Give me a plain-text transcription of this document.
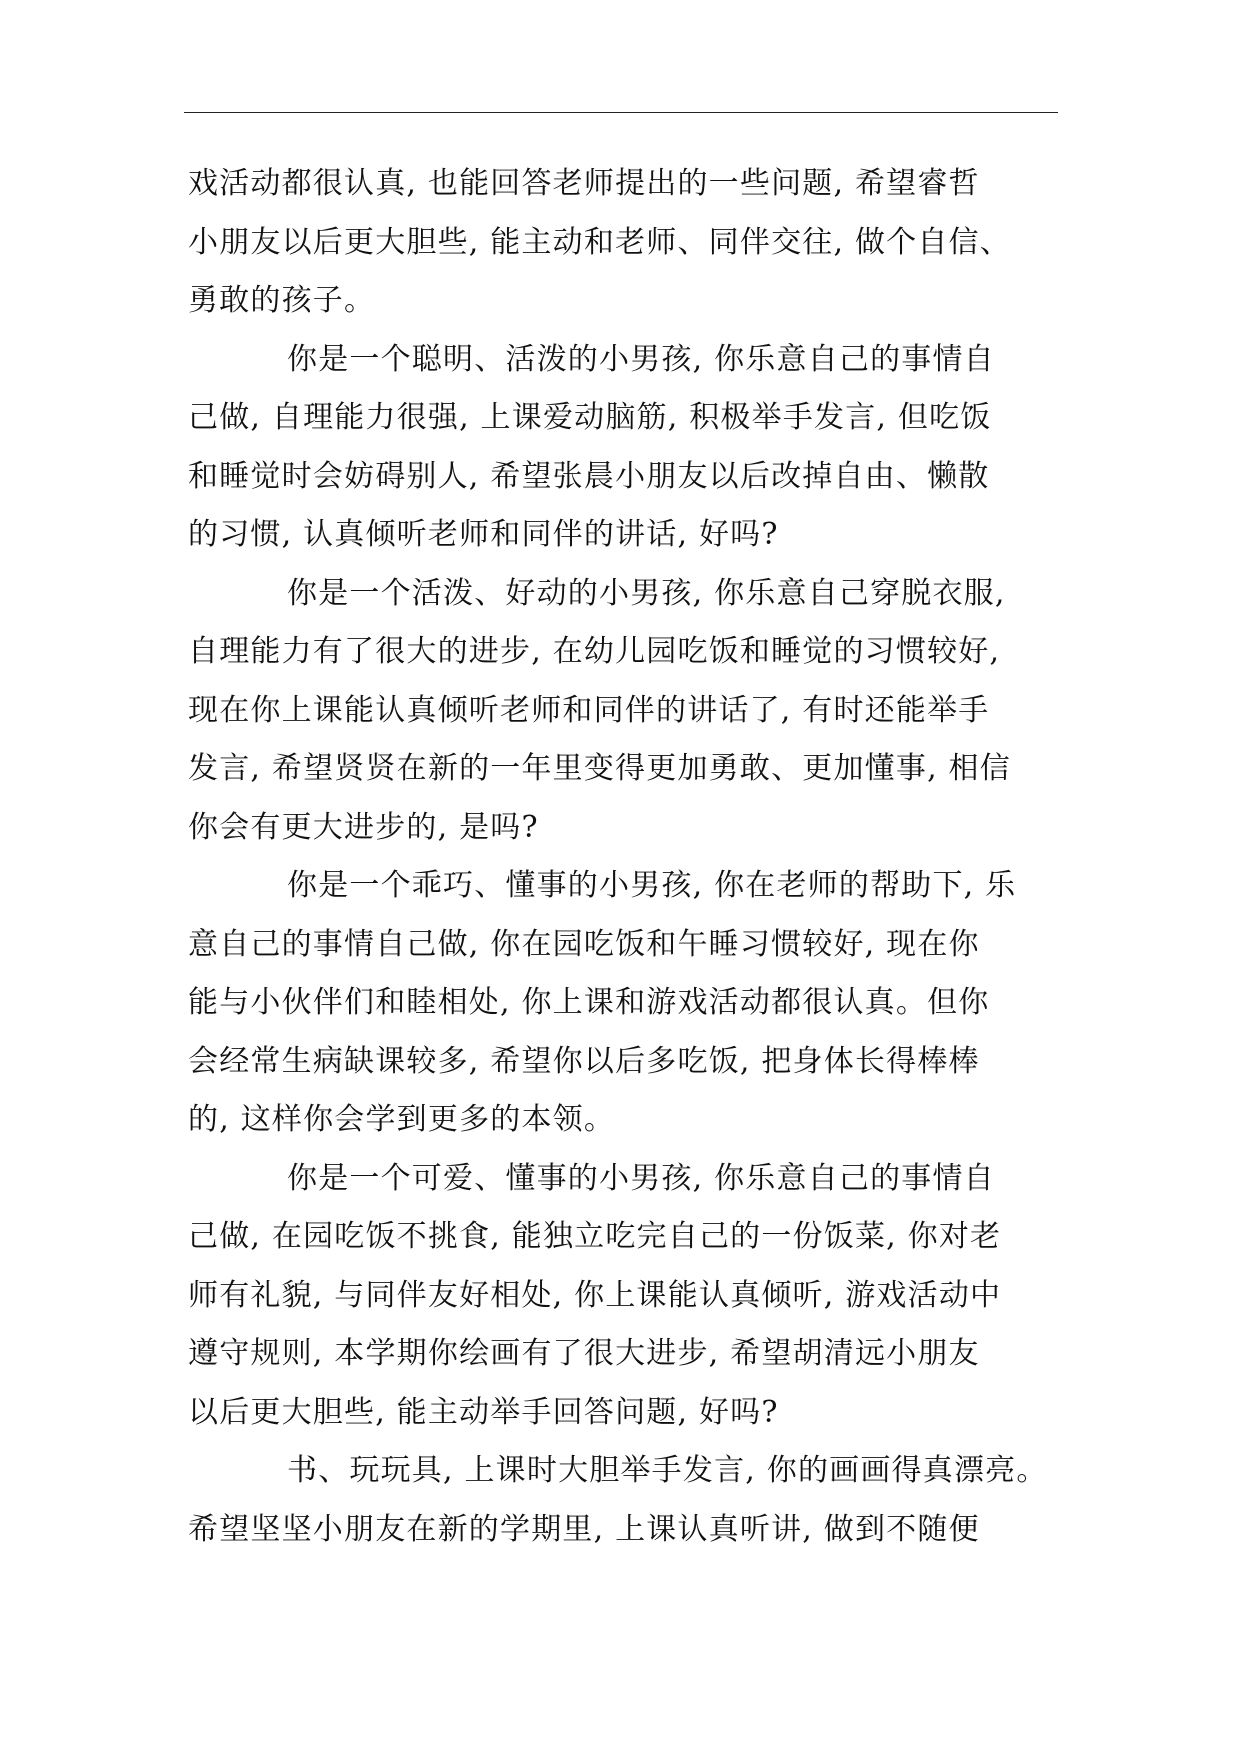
戏活动都很认真, 也能回答老师提出的一些问题, 希望睿哲
小朋友以后更大胆些, 能主动和老师、同伴交往, 做个自信、
勇敢的孩子。
你是一个聪明、活泼的小男孩, 你乐意自己的事情自
己做, 自理能力很强, 上课爱动脑筋, 积极举手发言, 但吃饭
和睡觉时会妨碍别人, 希望张晨小朋友以后改掉自由、懒散
的习惯, 认真倾听老师和同伴的讲话, 好吗?
你是一个活泼、好动的小男孩, 你乐意自己穿脱衣服,
自理能力有了很大的进步, 在幼儿园吃饭和睡觉的习惯较好,
现在你上课能认真倾听老师和同伴的讲话了, 有时还能举手
发言, 希望贤贤在新的一年里变得更加勇敢、更加懂事, 相信
你会有更大进步的, 是吗?
你是一个乖巧、懂事的小男孩, 你在老师的帮助下, 乐
意自己的事情自己做, 你在园吃饭和午睡习惯较好, 现在你
能与小伙伴们和睦相处, 你上课和游戏活动都很认真。但你
会经常生病缺课较多, 希望你以后多吃饭, 把身体长得棒棒
的, 这样你会学到更多的本领。
你是一个可爱、懂事的小男孩, 你乐意自己的事情自
己做, 在园吃饭不挑食, 能独立吃完自己的一份饭菜, 你对老
师有礼貌, 与同伴友好相处, 你上课能认真倾听, 游戏活动中
遵守规则, 本学期你绘画有了很大进步, 希望胡清远小朋友
以后更大胆些, 能主动举手回答问题, 好吗?
书、玩玩具, 上课时大胆举手发言, 你的画画得真漂亮。
希望坚坚小朋友在新的学期里, 上课认真听讲, 做到不随便
